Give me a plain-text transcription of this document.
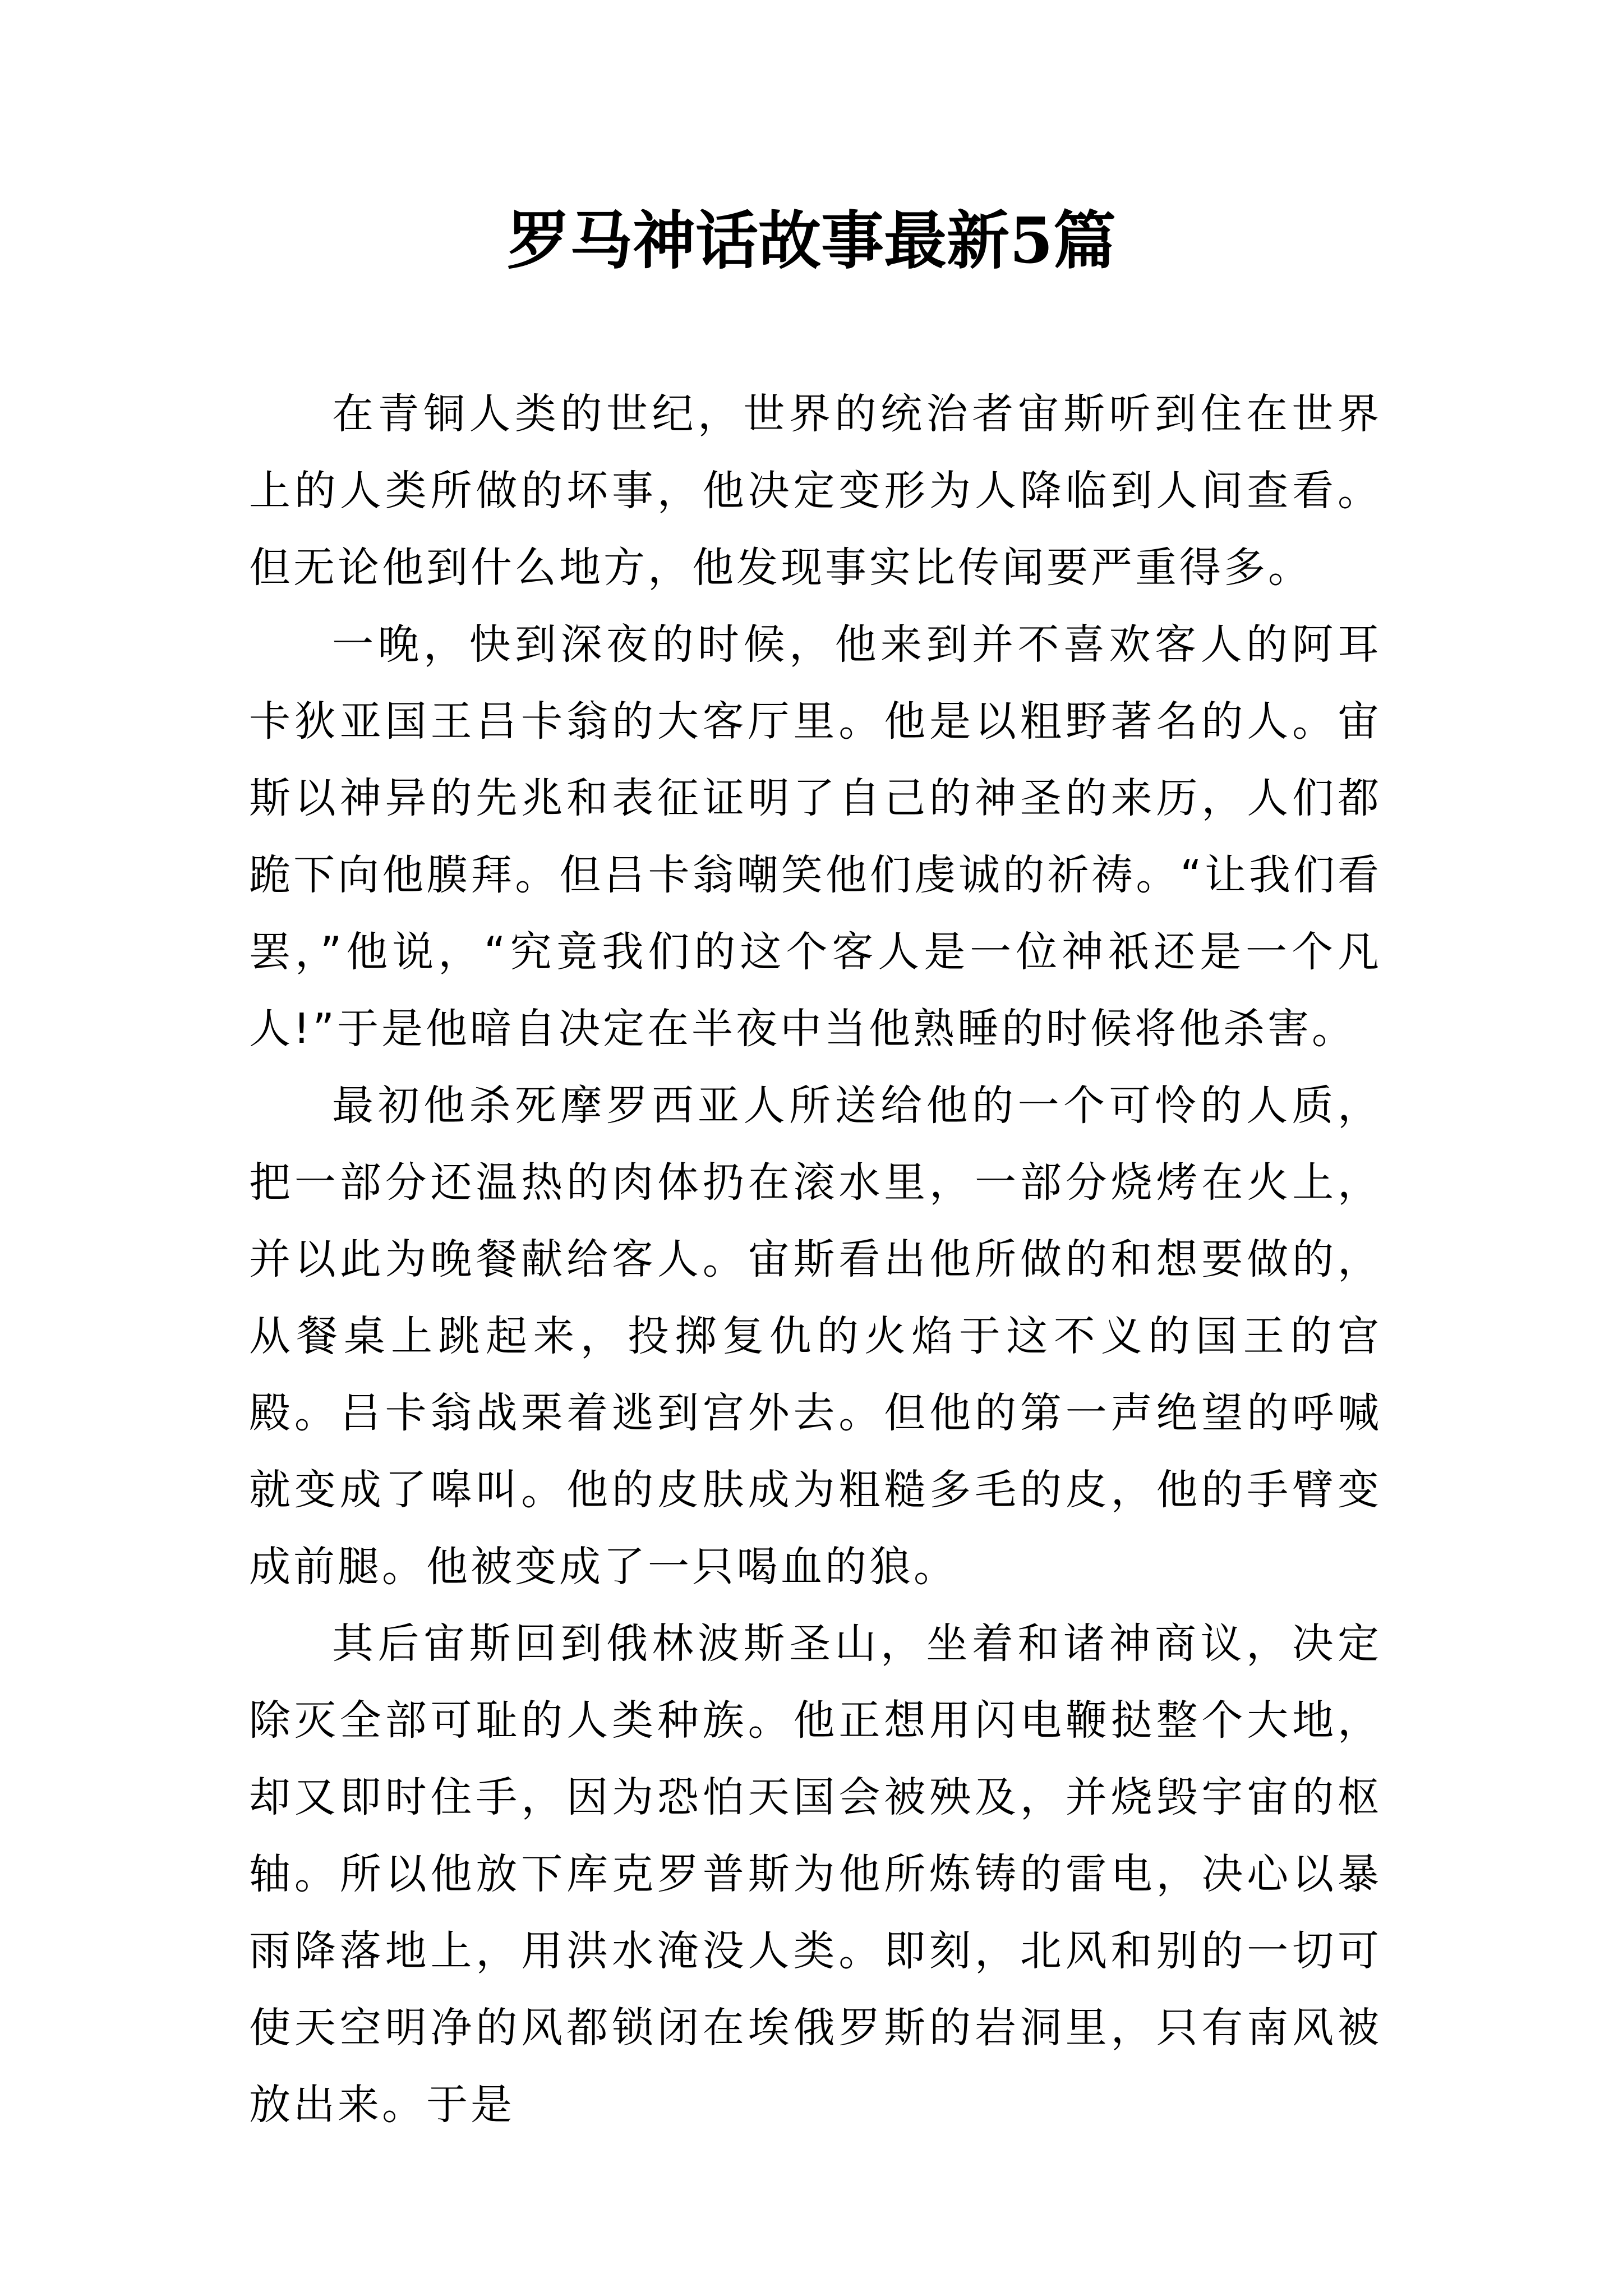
罗马神话故事最新5篇

在青铜人类的世纪，世界的统治者宙斯听到住在世界上的人类所做的坏事，他决定变形为人降临到人间查看。但无论他到什么地方，他发现事实比传闻要严重得多。

一晚，快到深夜的时候，他来到并不喜欢客人的阿耳卡狄亚国王吕卡翁的大客厅里。他是以粗野著名的人。宙斯以神异的先兆和表征证明了自己的神圣的来历，人们都跪下向他膜拜。但吕卡翁嘲笑他们虔诚的祈祷。“让我们看罢，”他说，“究竟我们的这个客人是一位神祇还是一个凡人!”于是他暗自决定在半夜中当他熟睡的时候将他杀害。

最初他杀死摩罗西亚人所送给他的一个可怜的人质，把一部分还温热的肉体扔在滚水里，一部分烧烤在火上，并以此为晚餐献给客人。宙斯看出他所做的和想要做的，从餐桌上跳起来，投掷复仇的火焰于这不义的国王的宫殿。吕卡翁战栗着逃到宫外去。但他的第一声绝望的呼喊就变成了嗥叫。他的皮肤成为粗糙多毛的皮，他的手臂变成前腿。他被变成了一只喝血的狼。

其后宙斯回到俄林波斯圣山，坐着和诸神商议，决定除灭全部可耻的人类种族。他正想用闪电鞭挞整个大地，却又即时住手，因为恐怕天国会被殃及，并烧毁宇宙的枢轴。所以他放下库克罗普斯为他所炼铸的雷电，决心以暴雨降落地上，用洪水淹没人类。即刻，北风和别的一切可使天空明净的风都锁闭在埃俄罗斯的岩洞里，只有南风被放出来。于是
